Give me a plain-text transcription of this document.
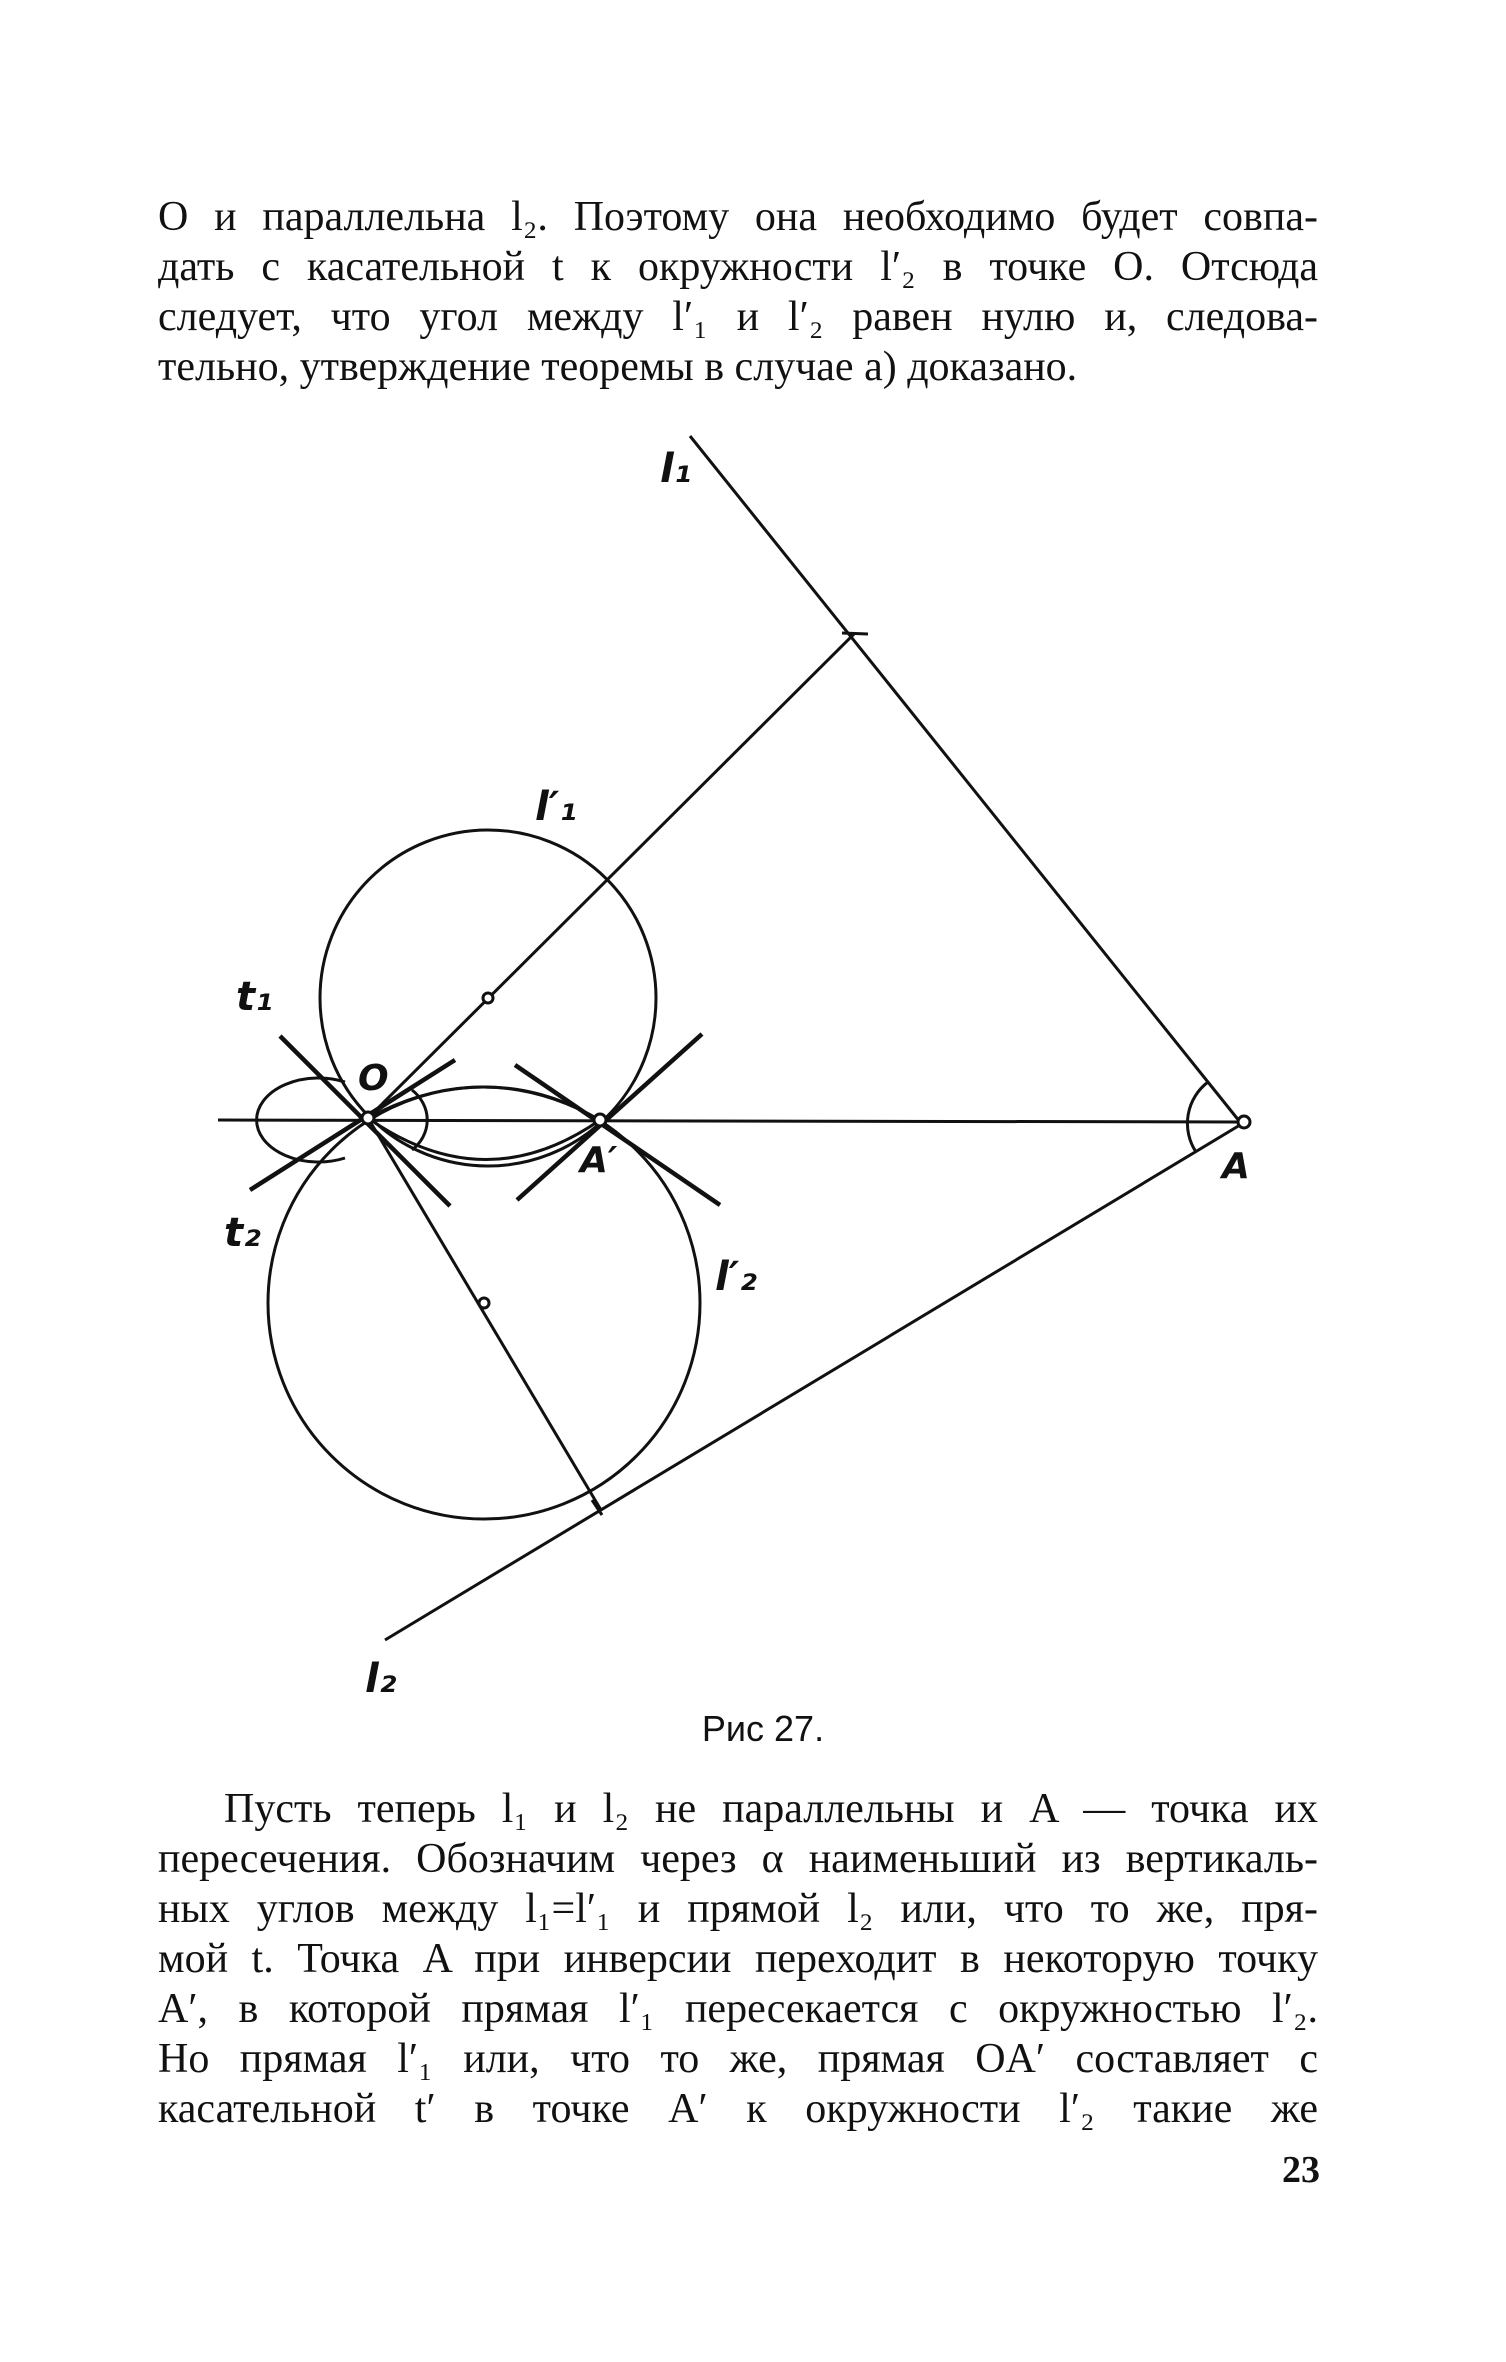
O и параллельна l₂. Поэтому она необходимо будет совпа-
дать с касательной t к окружности l′₂ в точке O. Отсюда
следует, что угол между l′₁ и l′₂ равен нулю и, следова-
тельно, утверждение теоремы в случае а) доказано.
l₁
l′₁
t₁
O
A′	A
t₂
l′₂
l₂
Рис 27.
Пусть теперь l₁ и l₂ не параллельны и A — точка их
пересечения. Обозначим через α наименьший из вертикаль-
ных углов между l₁=l′₁ и прямой l₂ или, что то же, пря-
мой t. Точка A при инверсии переходит в некоторую точку
A′, в которой прямая l′₁ пересекается с окружностью l′₂.
Но прямая l′₁ или, что то же, прямая OA′ составляет с
касательной t′ в точке A′ к окружности l′₂ такие же
23
